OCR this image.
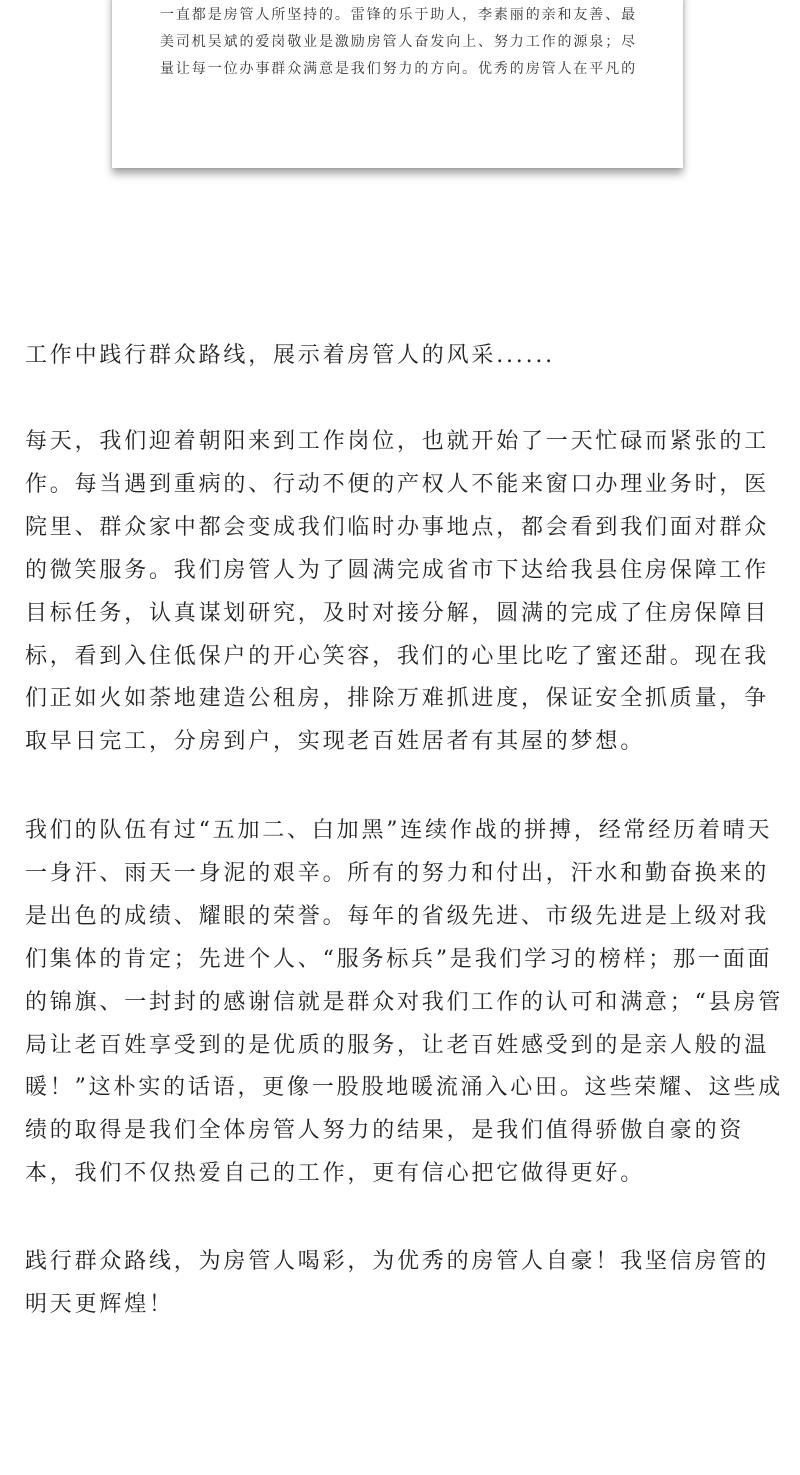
一直都是房管人所坚持的。雷锋的乐于助人，李素丽的亲和友善、最
美司机吴斌的爱岗敬业是激励房管人奋发向上、努力工作的源泉；尽
量让每一位办事群众满意是我们努力的方向。优秀的房管人在平凡的
工作中践行群众路线，展示着房管人的风采......
每天，我们迎着朝阳来到工作岗位，也就开始了一天忙碌而紧张的工
作。每当遇到重病的、行动不便的产权人不能来窗口办理业务时，医
院里、群众家中都会变成我们临时办事地点，都会看到我们面对群众
的微笑服务。我们房管人为了圆满完成省市下达给我县住房保障工作
目标任务，认真谋划研究，及时对接分解，圆满的完成了住房保障目
标，看到入住低保户的开心笑容，我们的心里比吃了蜜还甜。现在我
们正如火如荼地建造公租房，排除万难抓进度，保证安全抓质量，争
取早日完工，分房到户，实现老百姓居者有其屋的梦想。
我们的队伍有过“五加二、白加黑”连续作战的拼搏，经常经历着晴天
一身汗、雨天一身泥的艰辛。所有的努力和付出，汗水和勤奋换来的
是出色的成绩、耀眼的荣誉。每年的省级先进、市级先进是上级对我
们集体的肯定；先进个人、“服务标兵”是我们学习的榜样；那一面面
的锦旗、一封封的感谢信就是群众对我们工作的认可和满意；“县房管
局让老百姓享受到的是优质的服务，让老百姓感受到的是亲人般的温
暖！”这朴实的话语，更像一股股地暖流涌入心田。这些荣耀、这些成
绩的取得是我们全体房管人努力的结果，是我们值得骄傲自豪的资
本，我们不仅热爱自己的工作，更有信心把它做得更好。
践行群众路线，为房管人喝彩，为优秀的房管人自豪！我坚信房管的
明天更辉煌！
